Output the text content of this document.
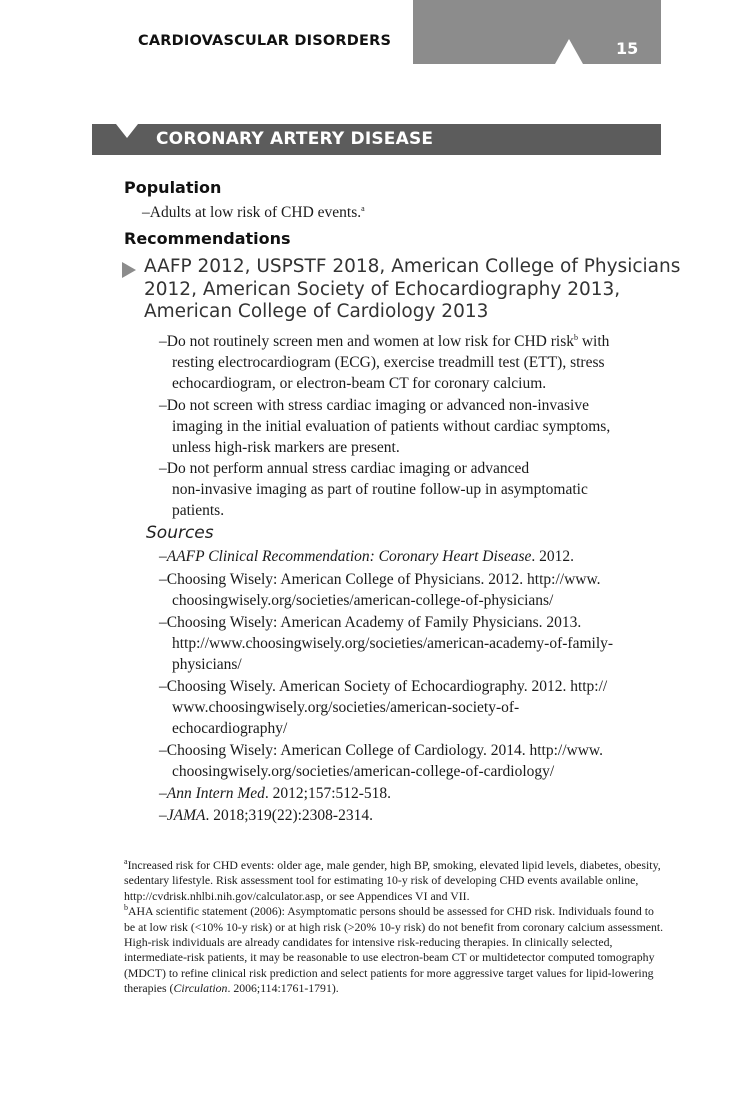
CARDIOVASCULAR DISORDERS	15
CORONARY ARTERY DISEASE
Population
–Adults at low risk of CHD events.$^a$
Recommendations
AAFP 2012, USPSTF 2018, American College of Physicians
2012, American Society of Echocardiography 2013,
American College of Cardiology 2013
–Do not routinely screen men and women at low risk for CHD risk$^b$ with
resting electrocardiogram (ECG), exercise treadmill test (ETT), stress
echocardiogram, or electron-beam CT for coronary calcium.
–Do not screen with stress cardiac imaging or advanced non-invasive
imaging in the initial evaluation of patients without cardiac symptoms,
unless high-risk markers are present.
–Do not perform annual stress cardiac imaging or advanced
non-invasive imaging as part of routine follow-up in asymptomatic
patients.
Sources
–AAFP Clinical Recommendation: Coronary Heart Disease. 2012.
–Choosing Wisely: American College of Physicians. 2012. http://www.
choosingwisely.org/societies/american-college-of-physicians/
–Choosing Wisely: American Academy of Family Physicians. 2013.
http://www.choosingwisely.org/societies/american-academy-of-family-
physicians/
–Choosing Wisely. American Society of Echocardiography. 2012. http://
www.choosingwisely.org/societies/american-society-of-
echocardiography/
–Choosing Wisely: American College of Cardiology. 2014. http://www.
choosingwisely.org/societies/american-college-of-cardiology/
–Ann Intern Med. 2012;157:512-518.
–JAMA. 2018;319(22):2308-2314.

$^a$Increased risk for CHD events: older age, male gender, high BP, smoking, elevated lipid levels, diabetes, obesity, sedentary lifestyle. Risk assessment tool for estimating 10-y risk of developing CHD events available online, http://cvdrisk.nhlbi.nih.gov/calculator.asp, or see Appendices VI and VII.

$^b$AHA scientific statement (2006): Asymptomatic persons should be assessed for CHD risk. Individuals found to be at low risk (<10% 10-y risk) or at high risk (>20% 10-y risk) do not benefit from coronary calcium assessment. High-risk individuals are already candidates for intensive risk-reducing therapies. In clinically selected, intermediate-risk patients, it may be reasonable to use electron-beam CT or multidetector computed tomography (MDCT) to refine clinical risk prediction and select patients for more aggressive target values for lipid-lowering therapies (Circulation. 2006;114:1761-1791).
